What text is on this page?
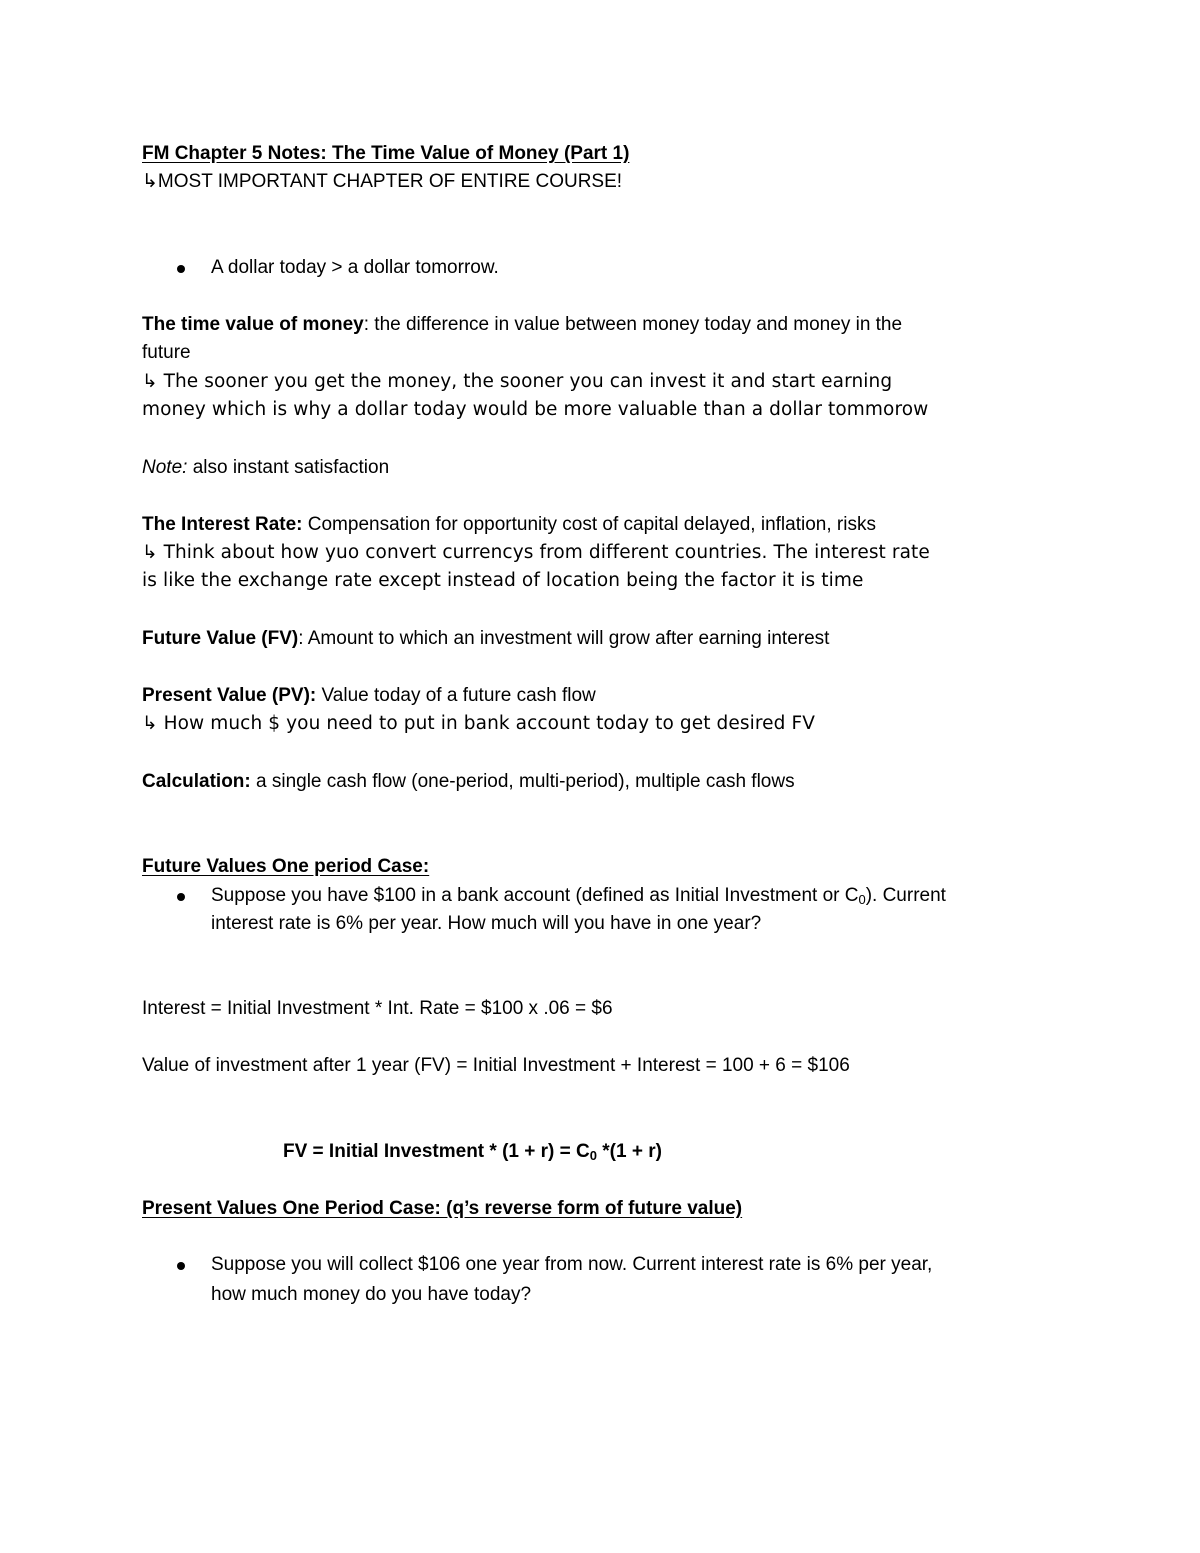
FM Chapter 5 Notes: The Time Value of Money (Part 1)
↳MOST IMPORTANT CHAPTER OF ENTIRE COURSE!
A dollar today > a dollar tomorrow.
The time value of money: the difference in value between money today and money in the
future
↳ The sooner you get the money, the sooner you can invest it and start earning
money which is why a dollar today would be more valuable than a dollar tommorow
Note: also instant satisfaction
The Interest Rate: Compensation for opportunity cost of capital delayed, inflation, risks
↳ Think about how yuo convert currencys from different countries. The interest rate
is like the exchange rate except instead of location being the factor it is time
Future Value (FV): Amount to which an investment will grow after earning interest
Present Value (PV): Value today of a future cash flow
↳ How much $ you need to put in bank account today to get desired FV
Calculation: a single cash flow (one-period, multi-period), multiple cash flows
Future Values One period Case:
Suppose you have $100 in a bank account (defined as Initial Investment or $C_0$). Current
interest rate is 6% per year. How much will you have in one year?
Interest = Initial Investment * Int. Rate = $100 x .06 = $6
Value of investment after 1 year (FV) = Initial Investment + Interest = 100 + 6 = $106
FV = Initial Investment * $(1 + r) = C_0$ *(1 + r)
Present Values One Period Case: (q’s reverse form of future value)
Suppose you will collect $106 one year from now. Current interest rate is 6% per year,
how much money do you have today?
